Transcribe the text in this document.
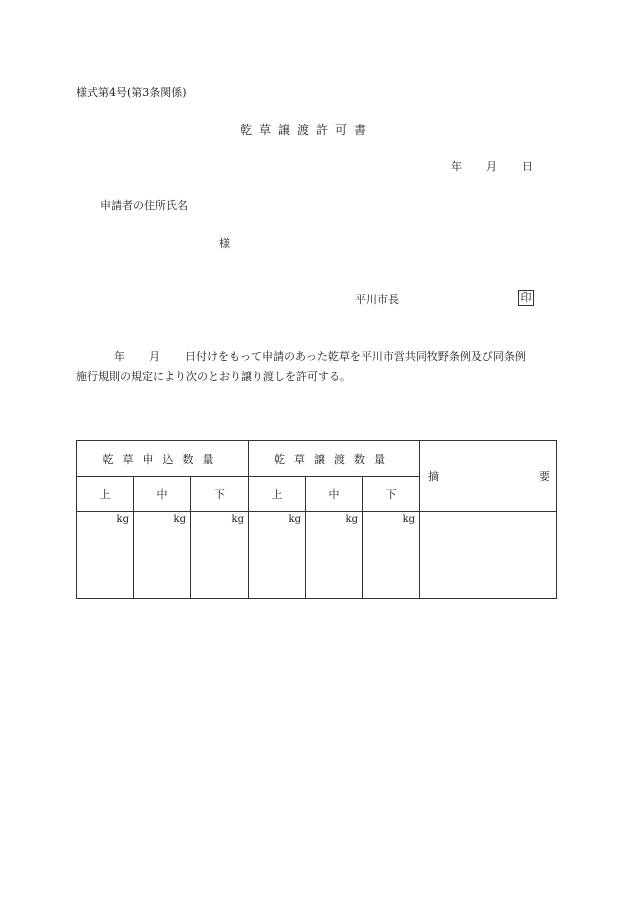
様式第4号(第3条関係)
乾草譲渡許可書
年 月 日
申請者の住所氏名
様
平川市長	印
年 月 日付けをもって申請のあった乾草を平川市営共同牧野条例及び同条例
施行規則の規定により次のとおり譲り渡しを許可する。
乾草申込数量			乾草譲渡数量			摘 要

上	中	下	上	中	下	
kg	kg	kg	kg	kg	kg	
